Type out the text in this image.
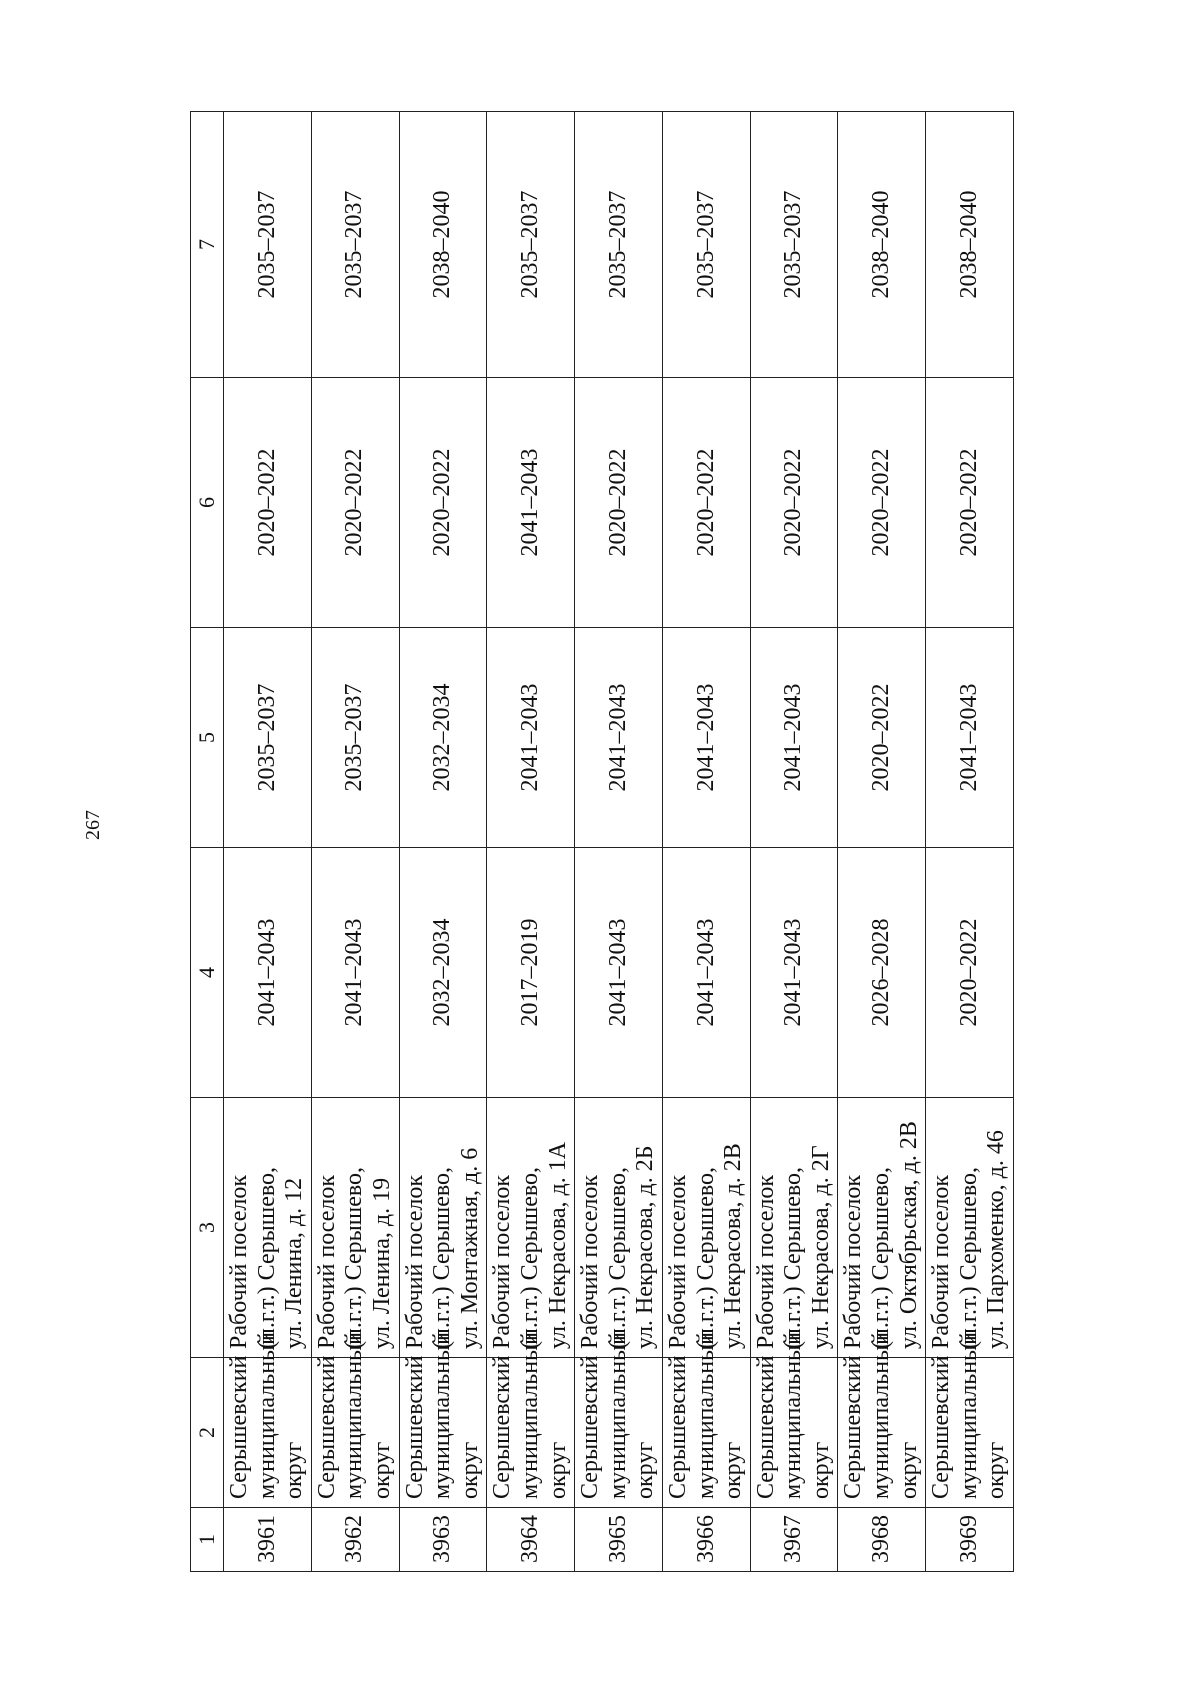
267
1	2	3	4	5	6	7
3961	Серышевский муниципальный округ	Рабочий поселок (п.г.т.) Серышево, ул. Ленина, д. 12	2041–2043	2035–2037	2020–2022	2035–2037
3962	Серышевский муниципальный округ	Рабочий поселок (п.г.т.) Серышево, ул. Ленина, д. 19	2041–2043	2035–2037	2020–2022	2035–2037
3963	Серышевский муниципальный округ	Рабочий поселок (п.г.т.) Серышево, ул. Монтажная, д. 6	2032–2034	2032–2034	2020–2022	2038–2040
3964	Серышевский муниципальный округ	Рабочий поселок (п.г.т.) Серышево, ул. Некрасова, д. 1А	2017–2019	2041–2043	2041–2043	2035–2037
3965	Серышевский муниципальный округ	Рабочий поселок (п.г.т.) Серышево, ул. Некрасова, д. 2Б	2041–2043	2041–2043	2020–2022	2035–2037
3966	Серышевский муниципальный округ	Рабочий поселок (п.г.т.) Серышево, ул. Некрасова, д. 2В	2041–2043	2041–2043	2020–2022	2035–2037
3967	Серышевский муниципальный округ	Рабочий поселок (п.г.т.) Серышево, ул. Некрасова, д. 2Г	2041–2043	2041–2043	2020–2022	2035–2037
3968	Серышевский муниципальный округ	Рабочий поселок (п.г.т.) Серышево, ул. Октябрьская, д. 2В	2026–2028	2020–2022	2020–2022	2038–2040
3969	Серышевский муниципальный округ	Рабочий поселок (п.г.т.) Серышево, ул. Пархоменко, д. 46	2020–2022	2041–2043	2020–2022	2038–2040
